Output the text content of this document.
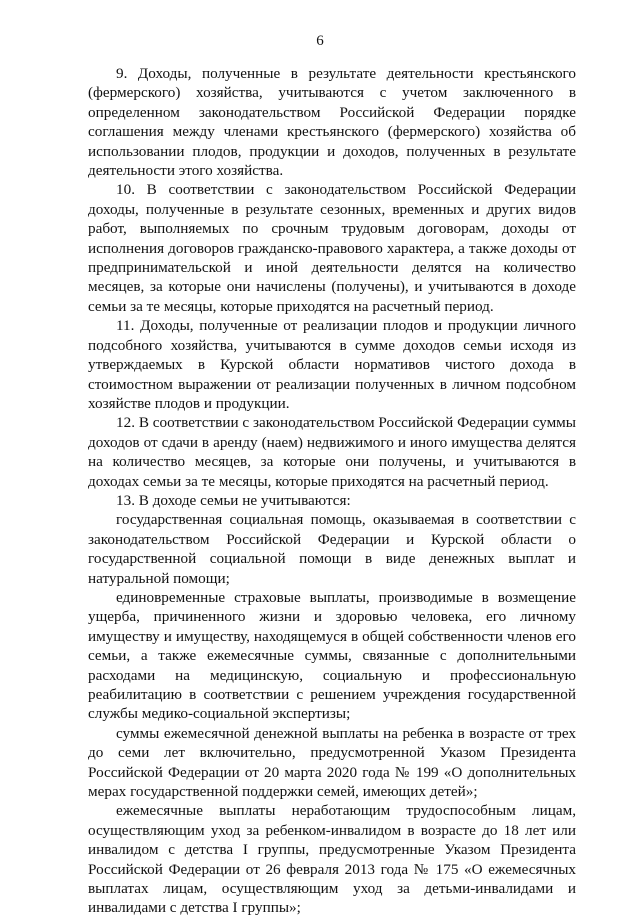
6

9. Доходы, полученные в результате деятельности крестьянского (фермерского) хозяйства, учитываются с учетом заключенного в определенном законодательством Российской Федерации порядке соглашения между членами крестьянского (фермерского) хозяйства об использовании плодов, продукции и доходов, полученных в результате деятельности этого хозяйства.

10. В соответствии с законодательством Российской Федерации доходы, полученные в результате сезонных, временных и других видов работ, выполняемых по срочным трудовым договорам, доходы от исполнения договоров гражданско-правового характера, а также доходы от предпринимательской и иной деятельности делятся на количество месяцев, за которые они начислены (получены), и учитываются в доходе семьи за те месяцы, которые приходятся на расчетный период.

11. Доходы, полученные от реализации плодов и продукции личного подсобного хозяйства, учитываются в сумме доходов семьи исходя из утверждаемых в Курской области нормативов чистого дохода в стоимостном выражении от реализации полученных в личном подсобном хозяйстве плодов и продукции.

12. В соответствии с законодательством Российской Федерации суммы доходов от сдачи в аренду (наем) недвижимого и иного имущества делятся на количество месяцев, за которые они получены, и учитываются в доходах семьи за те месяцы, которые приходятся на расчетный период.

13. В доходе семьи не учитываются:

государственная социальная помощь, оказываемая в соответствии с законодательством Российской Федерации и Курской области о государственной социальной помощи в виде денежных выплат и натуральной помощи;

единовременные страховые выплаты, производимые в возмещение ущерба, причиненного жизни и здоровью человека, его личному имуществу и имуществу, находящемуся в общей собственности членов его семьи, а также ежемесячные суммы, связанные с дополнительными расходами на медицинскую, социальную и профессиональную реабилитацию в соответствии с решением учреждения государственной службы медико-социальной экспертизы;

суммы ежемесячной денежной выплаты на ребенка в возрасте от трех до семи лет включительно, предусмотренной Указом Президента Российской Федерации от 20 марта 2020 года № 199 «О дополнительных мерах государственной поддержки семей, имеющих детей»;

ежемесячные выплаты неработающим трудоспособным лицам, осуществляющим уход за ребенком-инвалидом в возрасте до 18 лет или инвалидом с детства I группы, предусмотренные Указом Президента Российской Федерации от 26 февраля 2013 года № 175 «О ежемесячных выплатах лицам, осуществляющим уход за детьми-инвалидами и инвалидами с детства I группы»;
